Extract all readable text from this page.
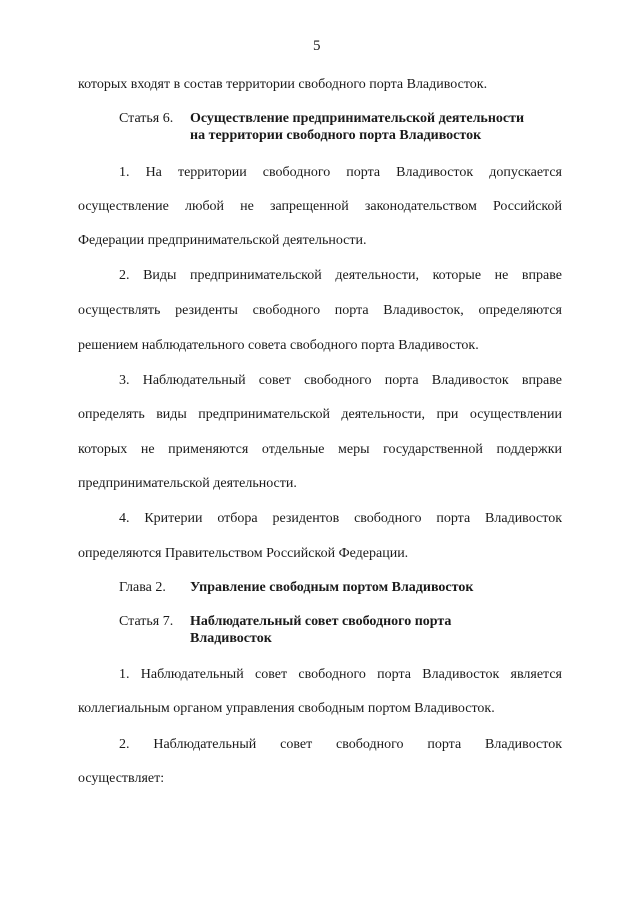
5
которых входят в состав территории свободного порта Владивосток.
Статья 6. Осуществление предпринимательской деятельности
на территории свободного порта Владивосток
1. На территории свободного порта Владивосток допускается
осуществление любой не запрещенной законодательством Российской
Федерации предпринимательской деятельности.
2. Виды предпринимательской деятельности, которые не вправе
осуществлять резиденты свободного порта Владивосток, определяются
решением наблюдательного совета свободного порта Владивосток.
3. Наблюдательный совет свободного порта Владивосток вправе
определять виды предпринимательской деятельности, при осуществлении
которых не применяются отдельные меры государственной поддержки
предпринимательской деятельности.
4. Критерии отбора резидентов свободного порта Владивосток
определяются Правительством Российской Федерации.
Глава 2. Управление свободным портом Владивосток
Статья 7. Наблюдательный совет свободного порта
Владивосток
1. Наблюдательный совет свободного порта Владивосток является
коллегиальным органом управления свободным портом Владивосток.
2. Наблюдательный совет свободного порта Владивосток
осуществляет:
